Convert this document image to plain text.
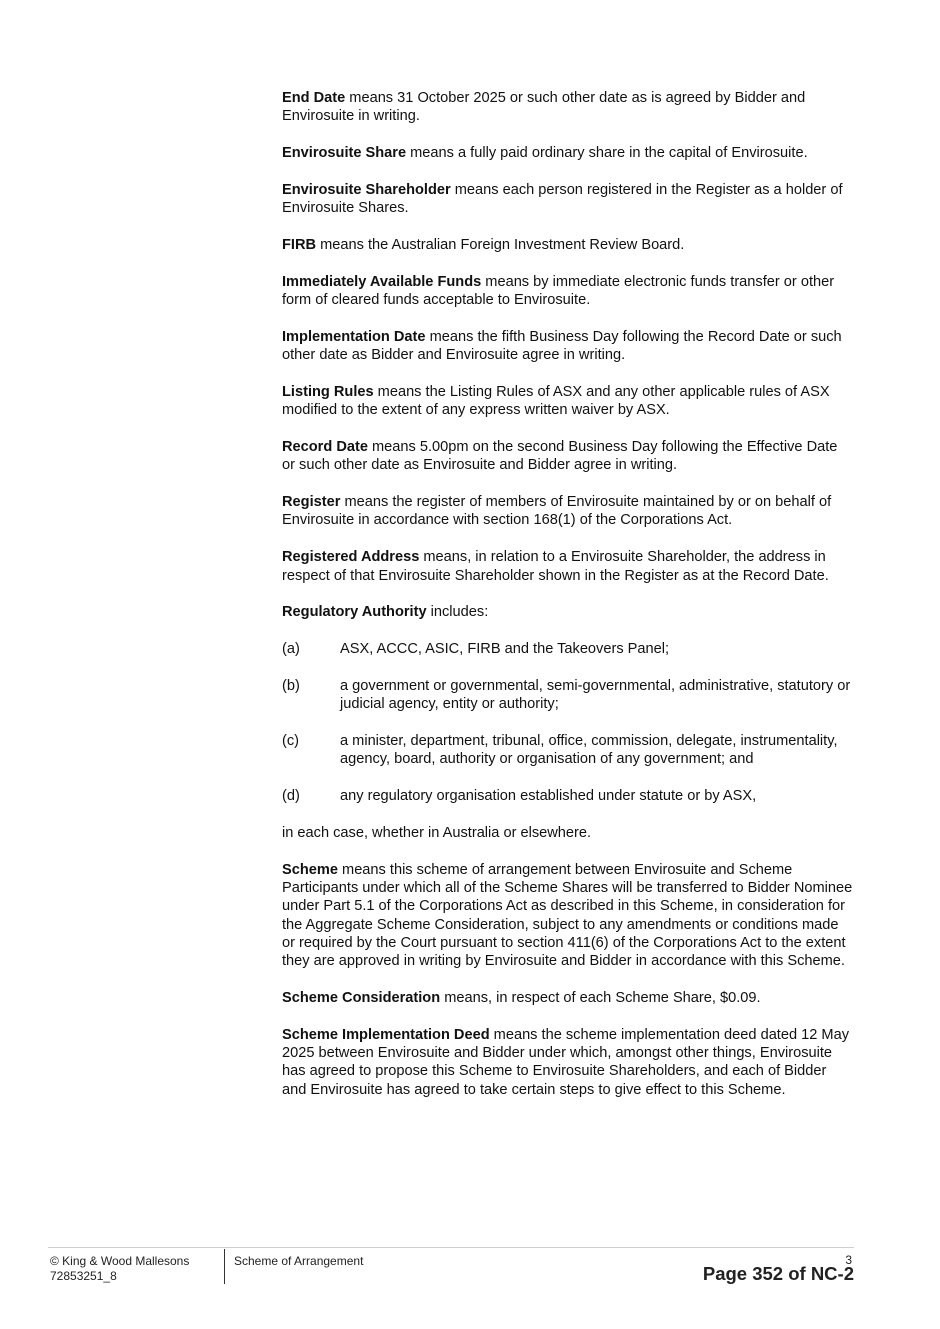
End Date means 31 October 2025 or such other date as is agreed by Bidder and Envirosuite in writing.

Envirosuite Share means a fully paid ordinary share in the capital of Envirosuite.

Envirosuite Shareholder means each person registered in the Register as a holder of Envirosuite Shares.

FIRB means the Australian Foreign Investment Review Board.

Immediately Available Funds means by immediate electronic funds transfer or other form of cleared funds acceptable to Envirosuite.

Implementation Date means the fifth Business Day following the Record Date or such other date as Bidder and Envirosuite agree in writing.

Listing Rules means the Listing Rules of ASX and any other applicable rules of ASX modified to the extent of any express written waiver by ASX.

Record Date means 5.00pm on the second Business Day following the Effective Date or such other date as Envirosuite and Bidder agree in writing.

Register means the register of members of Envirosuite maintained by or on behalf of Envirosuite in accordance with section 168(1) of the Corporations Act.

Registered Address means, in relation to a Envirosuite Shareholder, the address in respect of that Envirosuite Shareholder shown in the Register as at the Record Date.

Regulatory Authority includes:

(a)	ASX, ACCC, ASIC, FIRB and the Takeovers Panel;
(b)	a government or governmental, semi-governmental, administrative, statutory or judicial agency, entity or authority;
(c)	a minister, department, tribunal, office, commission, delegate, instrumentality, agency, board, authority or organisation of any government; and
(d)	any regulatory organisation established under statute or by ASX,

in each case, whether in Australia or elsewhere.

Scheme means this scheme of arrangement between Envirosuite and Scheme Participants under which all of the Scheme Shares will be transferred to Bidder Nominee under Part 5.1 of the Corporations Act as described in this Scheme, in consideration for the Aggregate Scheme Consideration, subject to any amendments or conditions made or required by the Court pursuant to section 411(6) of the Corporations Act to the extent they are approved in writing by Envirosuite and Bidder in accordance with this Scheme.

Scheme Consideration means, in respect of each Scheme Share, $0.09.

Scheme Implementation Deed means the scheme implementation deed dated 12 May 2025 between Envirosuite and Bidder under which, amongst other things, Envirosuite has agreed to propose this Scheme to Envirosuite Shareholders, and each of Bidder and Envirosuite has agreed to take certain steps to give effect to this Scheme.

© King & Wood Mallesons
72853251_8
Scheme of Arrangement	3
Page 352 of NC-2
